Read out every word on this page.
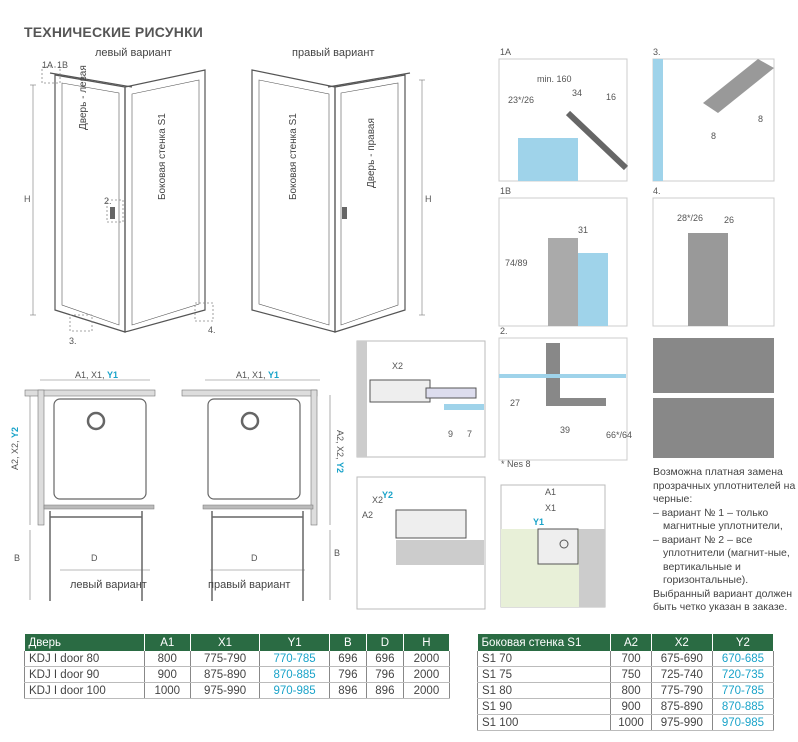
ТЕХНИЧЕСКИЕ РИСУНКИ
левый вариант	правый вариант
1A 1B
2.
3.
4.
H	H
Дверь - левая
Боковая стенка S1	Боковая стенка S1	Дверь - правая
A1, X1, Y1	A1, X1, Y1
A2, X2, Y2	A2, X2, Y2
B	B
D	D
левый вариант	правый вариант
X2
A2
X2
Y2	A1
X1
Y1
1A	3.
1B	4.
2.
min. 160
34	16
23*/26
31
74/89
8
8
28*/26 26
27
39
9 7	66*/64
* Nes 8

Возможна платная замена прозрачных уплотнителей на черные:

– вариант № 1 – только магнитные уплотнители,

– вариант № 2 – все уплотнители (магнит-ные, вертикальные и горизонтальные).

Выбранный вариант должен быть четко указан в заказе.

Дверь	A1	X1	Y1	B	D	H
KDJ I door 80	800	775-790	770-785	696	696	2000
KDJ I door 90	900	875-890	870-885	796	796	2000
KDJ I door 100	1000	975-990	970-985	896	896	2000
Боковая стенка S1	A2	X2	Y2
S1 70	700	675-690	670-685
S1 75	750	725-740	720-735
S1 80	800	775-790	770-785
S1 90	900	875-890	870-885
S1 100	1000	975-990	970-985
